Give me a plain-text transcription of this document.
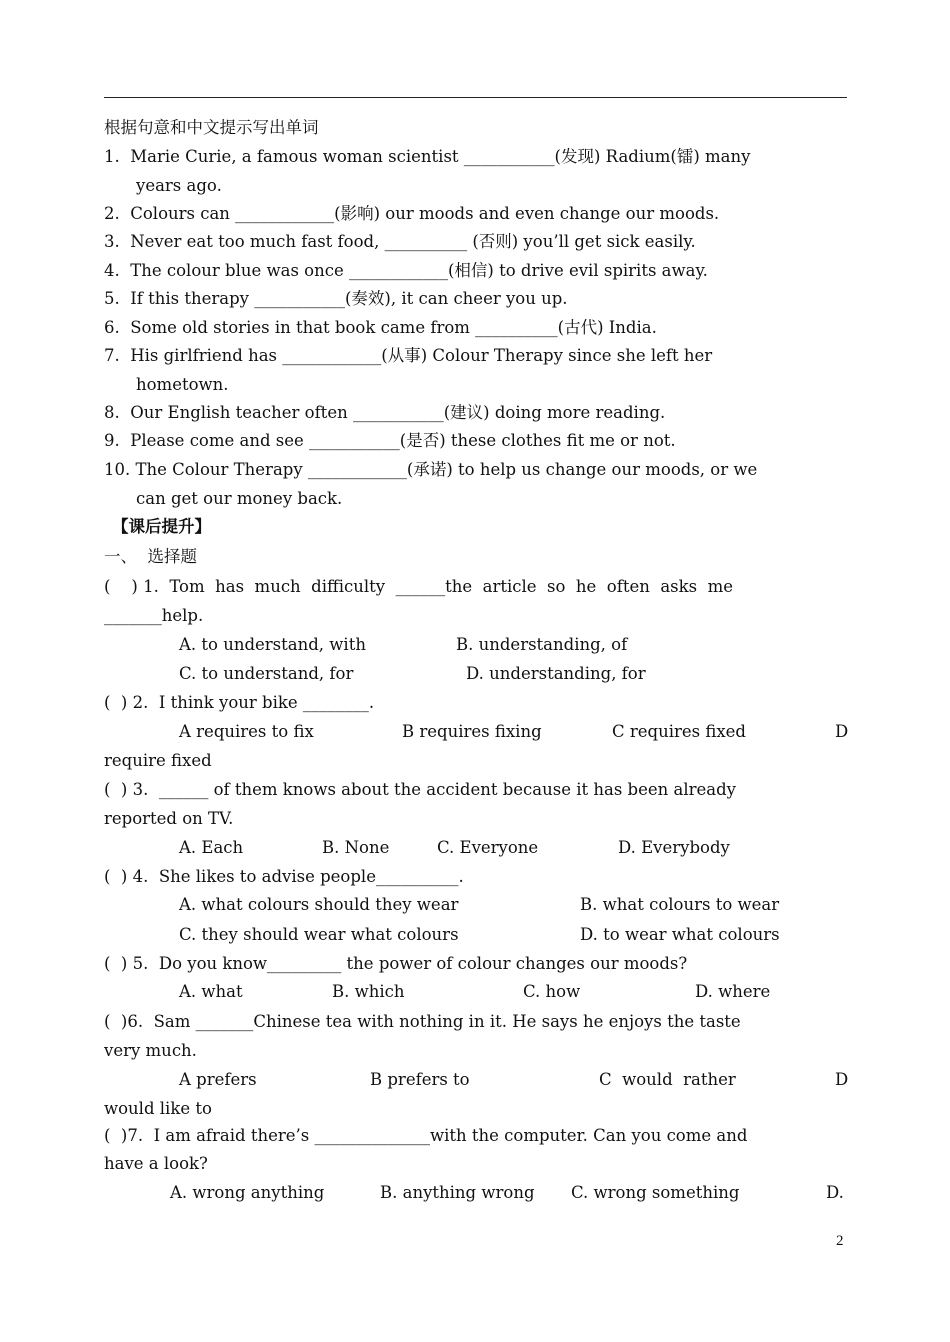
根据句意和中文提示写出单词
1.  Marie Curie, a famous woman scientist ___________(发现) Radium(镭) many
years ago.
2.  Colours can ____________(影响) our moods and even change our moods.
3.  Never eat too much fast food, __________ (否则) you’ll get sick easily.
4.  The colour blue was once ____________(相信) to drive evil spirits away.
5.  If this therapy ___________(奏效), it can cheer you up.
6.  Some old stories in that book came from __________(古代) India.
7.  His girlfriend has ____________(从事) Colour Therapy since she left her
hometown.
8.  Our English teacher often ___________(建议) doing more reading.
9.  Please come and see ___________(是否) these clothes fit me or not.
10. The Colour Therapy ____________(承诺) to help us change our moods, or we
can get our money back.
【课后提升】
一、  选择题
(    ) 1.  Tom  has  much  difficulty  ______the  article  so  he  often  asks  me
_______help.
A. to understand, with	B. understanding, of
C. to understand, for	D. understanding, for
(  ) 2.  I think your bike ________.
A requires to fix	B requires fixing	C requires fixed	D
require fixed
(  ) 3.  ______ of them knows about the accident because it has been already
reported on TV.
A. Each	B. None	C. Everyone	D. Everybody
(  ) 4.  She likes to advise people__________.
A. what colours should they wear	B. what colours to wear
C. they should wear what colours	D. to wear what colours
(  ) 5.  Do you know_________ the power of colour changes our moods?
A. what	B. which	C. how	D. where
(  )6.  Sam _______Chinese tea with nothing in it. He says he enjoys the taste
very much.
A prefers	B prefers to	C  would  rather	D
would like to
(  )7.  I am afraid there’s ______________with the computer. Can you come and
have a look?
A. wrong anything	B. anything wrong C. wrong something	D.
2
